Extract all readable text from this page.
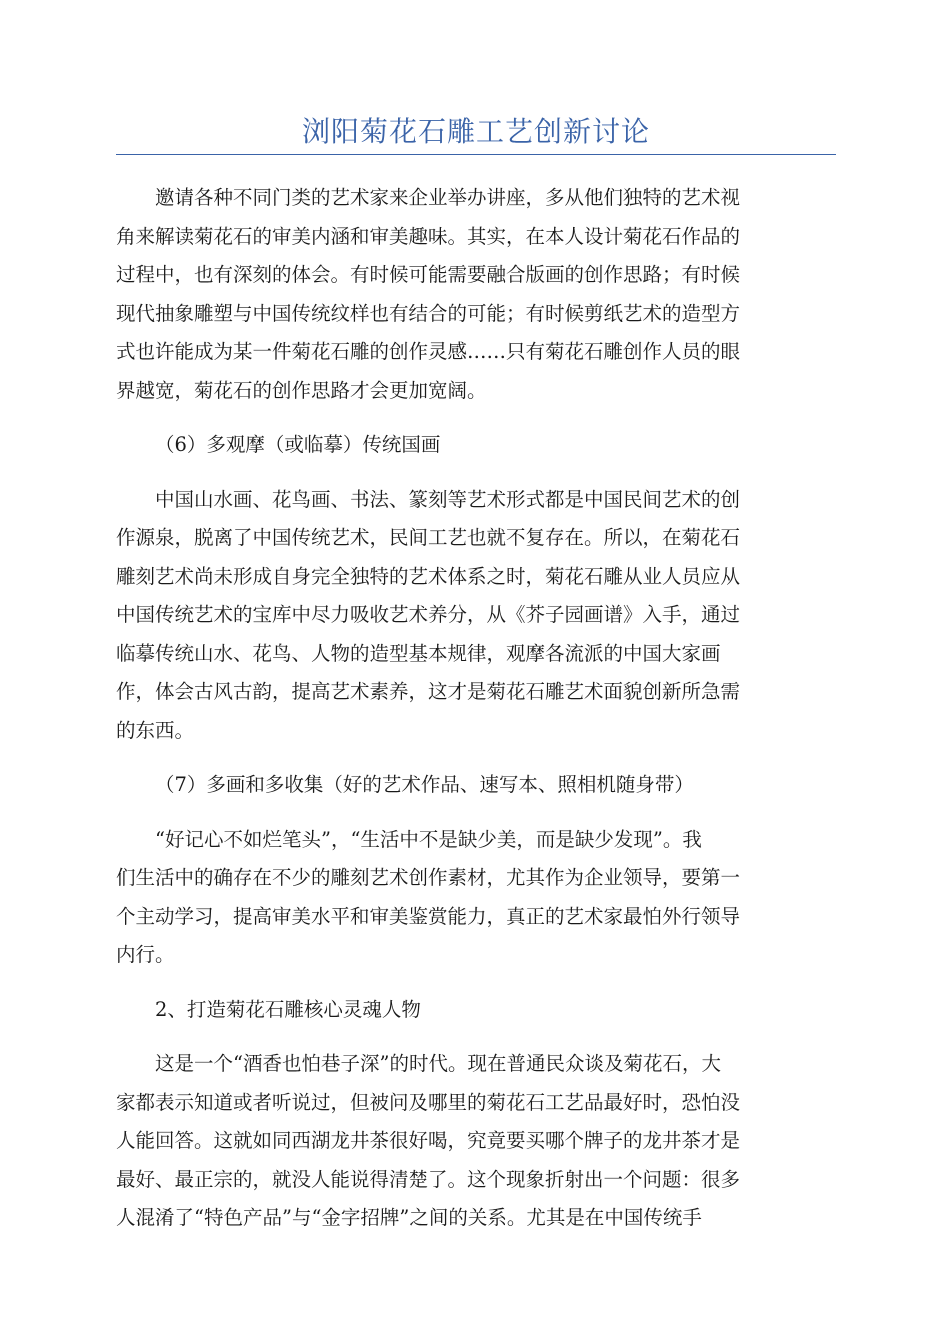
浏阳菊花石雕工艺创新讨论
邀请各种不同门类的艺术家来企业举办讲座，多从他们独特的艺术视
角来解读菊花石的审美内涵和审美趣味。其实，在本人设计菊花石作品的
过程中，也有深刻的体会。有时候可能需要融合版画的创作思路；有时候
现代抽象雕塑与中国传统纹样也有结合的可能；有时候剪纸艺术的造型方
式也许能成为某一件菊花石雕的创作灵感……只有菊花石雕创作人员的眼
界越宽，菊花石的创作思路才会更加宽阔。
（6）多观摩（或临摹）传统国画
中国山水画、花鸟画、书法、篆刻等艺术形式都是中国民间艺术的创
作源泉，脱离了中国传统艺术，民间工艺也就不复存在。所以，在菊花石
雕刻艺术尚未形成自身完全独特的艺术体系之时，菊花石雕从业人员应从
中国传统艺术的宝库中尽力吸收艺术养分，从《芥子园画谱》入手，通过
临摹传统山水、花鸟、人物的造型基本规律，观摩各流派的中国大家画
作，体会古风古韵，提高艺术素养，这才是菊花石雕艺术面貌创新所急需
的东西。
（7）多画和多收集（好的艺术作品、速写本、照相机随身带）
“好记心不如烂笔头”，“生活中不是缺少美，而是缺少发现”。我
们生活中的确存在不少的雕刻艺术创作素材，尤其作为企业领导，要第一
个主动学习，提高审美水平和审美鉴赏能力，真正的艺术家最怕外行领导
内行。
2、打造菊花石雕核心灵魂人物
这是一个“酒香也怕巷子深”的时代。现在普通民众谈及菊花石，大
家都表示知道或者听说过，但被问及哪里的菊花石工艺品最好时，恐怕没
人能回答。这就如同西湖龙井茶很好喝，究竟要买哪个牌子的龙井茶才是
最好、最正宗的，就没人能说得清楚了。这个现象折射出一个问题：很多
人混淆了“特色产品”与“金字招牌”之间的关系。尤其是在中国传统手
